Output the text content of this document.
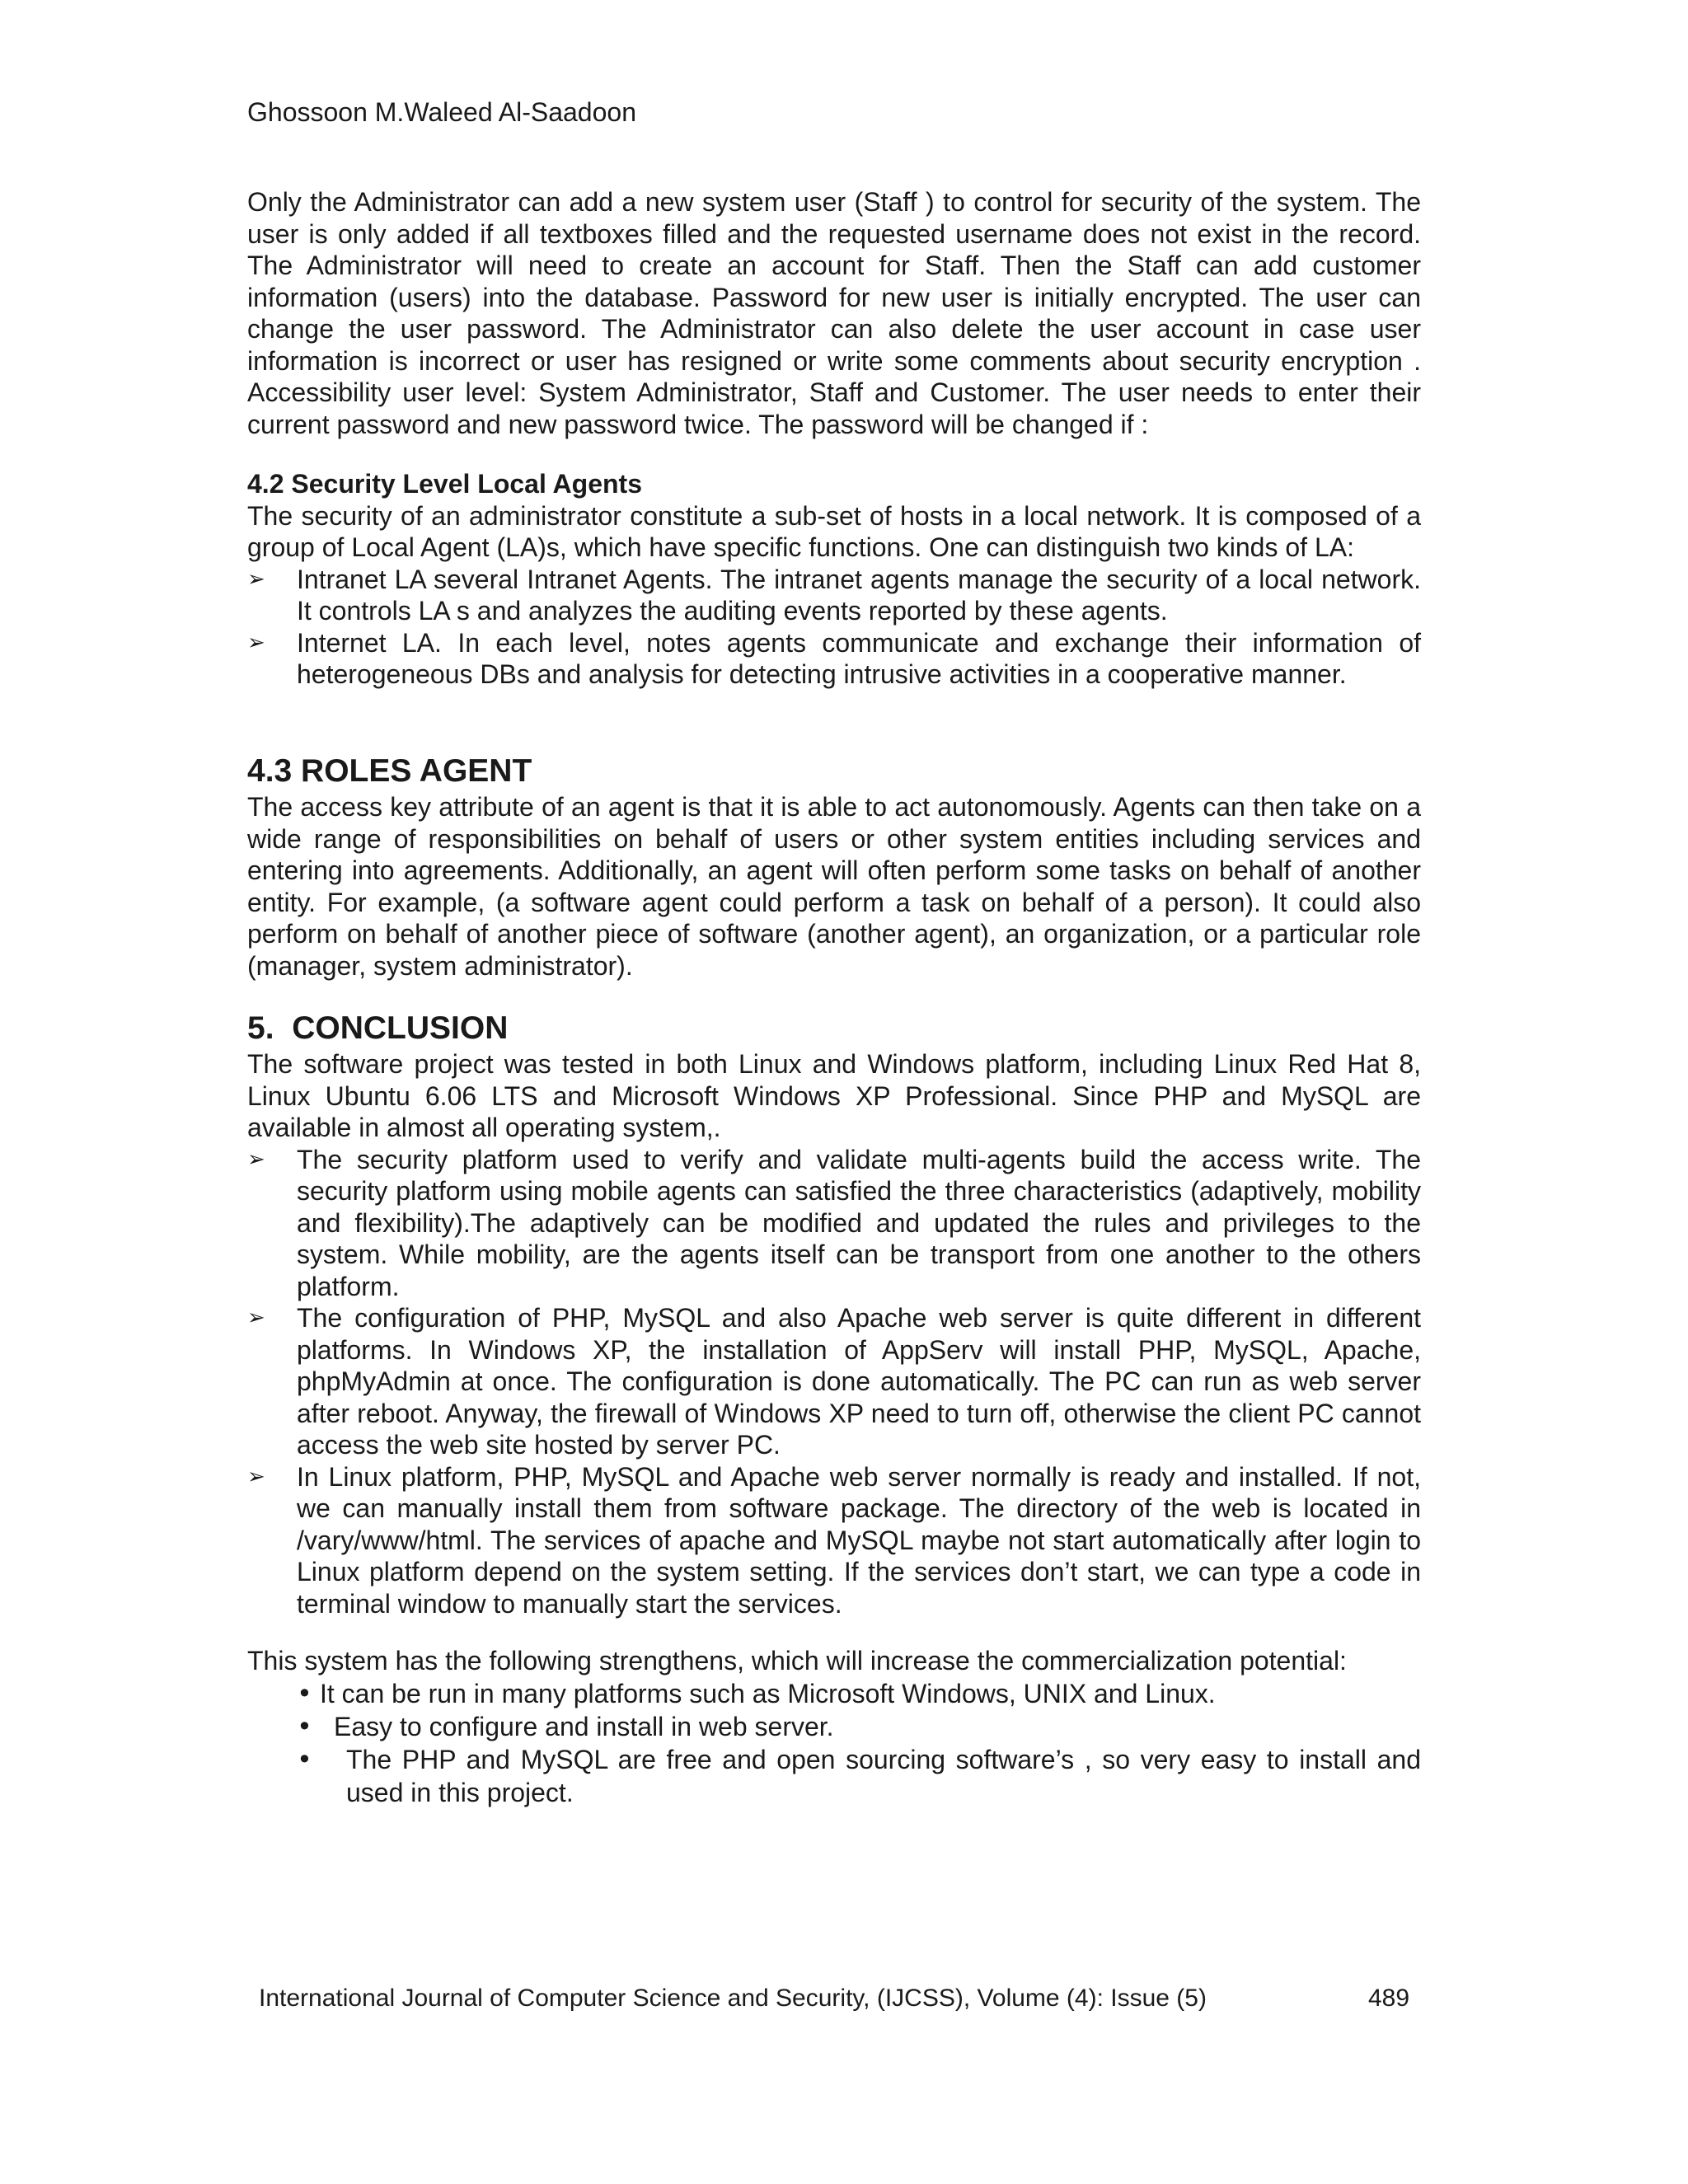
Ghossoon M.Waleed Al-Saadoon

Only the Administrator can add a new system user (Staff ) to control for security of the system. The user is only added if all textboxes filled and the requested username does not exist in the record. The Administrator will need to create an account for Staff. Then the Staff can add customer information (users) into the database. Password for new user is initially encrypted. The user can change the user password. The Administrator can also delete the user account in case user information is incorrect or user has resigned or write some comments about security encryption . Accessibility user level: System Administrator, Staff and Customer. The user needs to enter their current password and new password twice. The password will be changed if :

4.2 Security Level Local Agents

The security of an administrator constitute a sub-set of hosts in a local network. It is composed of a group of Local Agent (LA)s, which have specific functions. One can distinguish two kinds of LA:

➢	Intranet LA several Intranet Agents. The intranet agents manage the security of a local network. It controls LA s and analyzes the auditing events reported by these agents.
➢	Internet LA. In each level, notes agents communicate and exchange their information of heterogeneous DBs and analysis for detecting intrusive activities in a cooperative manner.

4.3 ROLES AGENT

The access key attribute of an agent is that it is able to act autonomously. Agents can then take on a wide range of responsibilities on behalf of users or other system entities including services and entering into agreements. Additionally, an agent will often perform some tasks on behalf of another entity. For example, (a software agent could perform a task on behalf of a person). It could also perform on behalf of another piece of software (another agent), an organization, or a particular role (manager, system administrator).

5.  CONCLUSION

The software project was tested in both Linux and Windows platform, including Linux Red Hat 8, Linux Ubuntu 6.06 LTS and Microsoft Windows XP Professional. Since PHP and MySQL are available in almost all operating system,.

➢	The security platform used to verify and validate multi-agents build the access write. The security platform using mobile agents can satisfied the three characteristics (adaptively, mobility and flexibility).The adaptively can be modified and updated the rules and privileges to the system. While mobility, are the agents itself can be transport from one another to the others platform.
➢	The configuration of PHP, MySQL and also Apache web server is quite different in different platforms. In Windows XP, the installation of AppServ will install PHP, MySQL, Apache, phpMyAdmin at once. The configuration is done automatically. The PC can run as web server after reboot. Anyway, the firewall of Windows XP need to turn off, otherwise the client PC cannot access the web site hosted by server PC.
➢	In Linux platform, PHP, MySQL and Apache web server normally is ready and installed. If not, we can manually install them from software package. The directory of the web is located in /vary/www/html. The services of apache and MySQL maybe not start automatically after login to Linux platform depend on the system setting. If the services don’t start, we can type a code in terminal window to manually start the services.

This system has the following strengthens, which will increase the commercialization potential:

• It can be run in many platforms such as Microsoft Windows, UNIX and Linux.
• Easy to configure and install in web server.
• The PHP and MySQL are free and open sourcing software’s , so very easy to install and used in this project.
International Journal of Computer Science and Security, (IJCSS), Volume (4): Issue (5)	489
